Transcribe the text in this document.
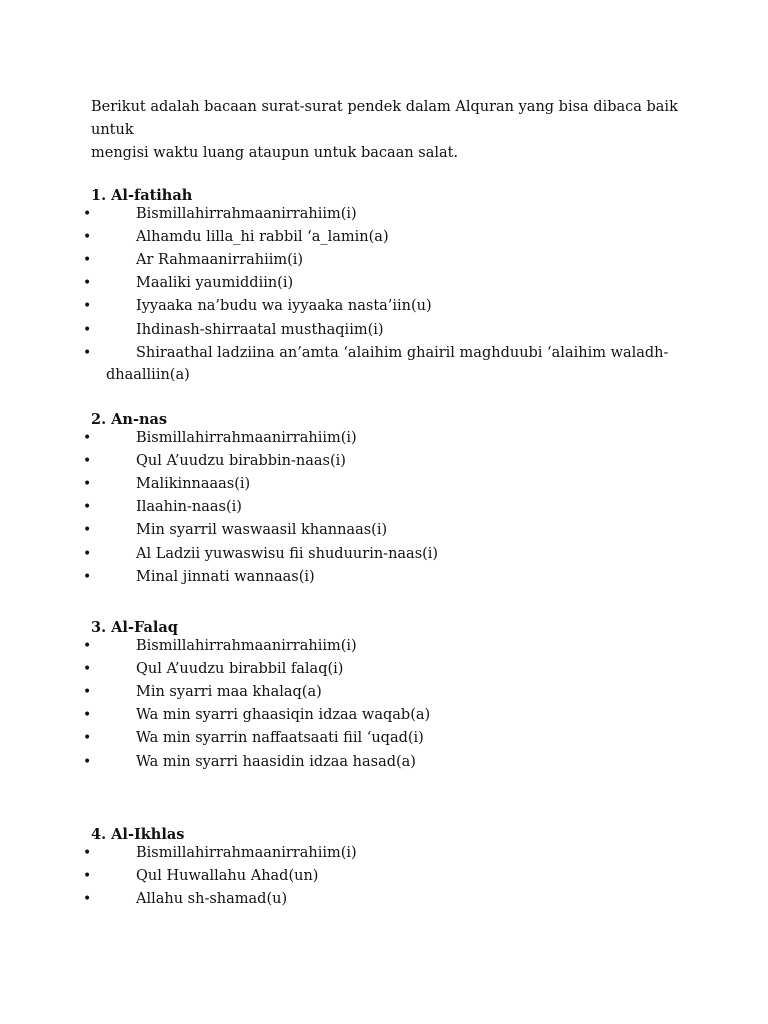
Berikut adalah bacaan surat-surat pendek dalam Alquran yang bisa dibaca baik untuk

mengisi waktu luang ataupun untuk bacaan salat.

1. Al-fatihah
•	Bismillahirrahmaanirrahiim(i)
•	Alhamdu lilla_hi rabbil ‘a_lamin(a)
•	Ar Rahmaanirrahiim(i)
•	Maaliki yaumiddiin(i)
•	Iyyaaka na’budu wa iyyaaka nasta’iin(u)
•	Ihdinash-shirraatal musthaqiim(i)
•	Shiraathal ladziina an’amta ‘alaihim ghairil maghduubi ‘alaihim waladh-
dhaalliin(a)
2. An-nas
•	Bismillahirrahmaanirrahiim(i)
•	Qul A’uudzu birabbin-naas(i)
•	Malikinnaaas(i)
•	Ilaahin-naas(i)
•	Min syarril waswaasil khannaas(i)
•	Al Ladzii yuwaswisu fii shuduurin-naas(i)
•	Minal jinnati wannaas(i)
3. Al-Falaq
•	Bismillahirrahmaanirrahiim(i)
•	Qul A’uudzu birabbil falaq(i)
•	Min syarri maa khalaq(a)
•	Wa min syarri ghaasiqin idzaa waqab(a)
•	Wa min syarrin naffaatsaati fiil ‘uqad(i)
•	Wa min syarri haasidin idzaa hasad(a)
4. Al-Ikhlas
•	Bismillahirrahmaanirrahiim(i)
•	Qul Huwallahu Ahad(un)
•	Allahu sh-shamad(u)
